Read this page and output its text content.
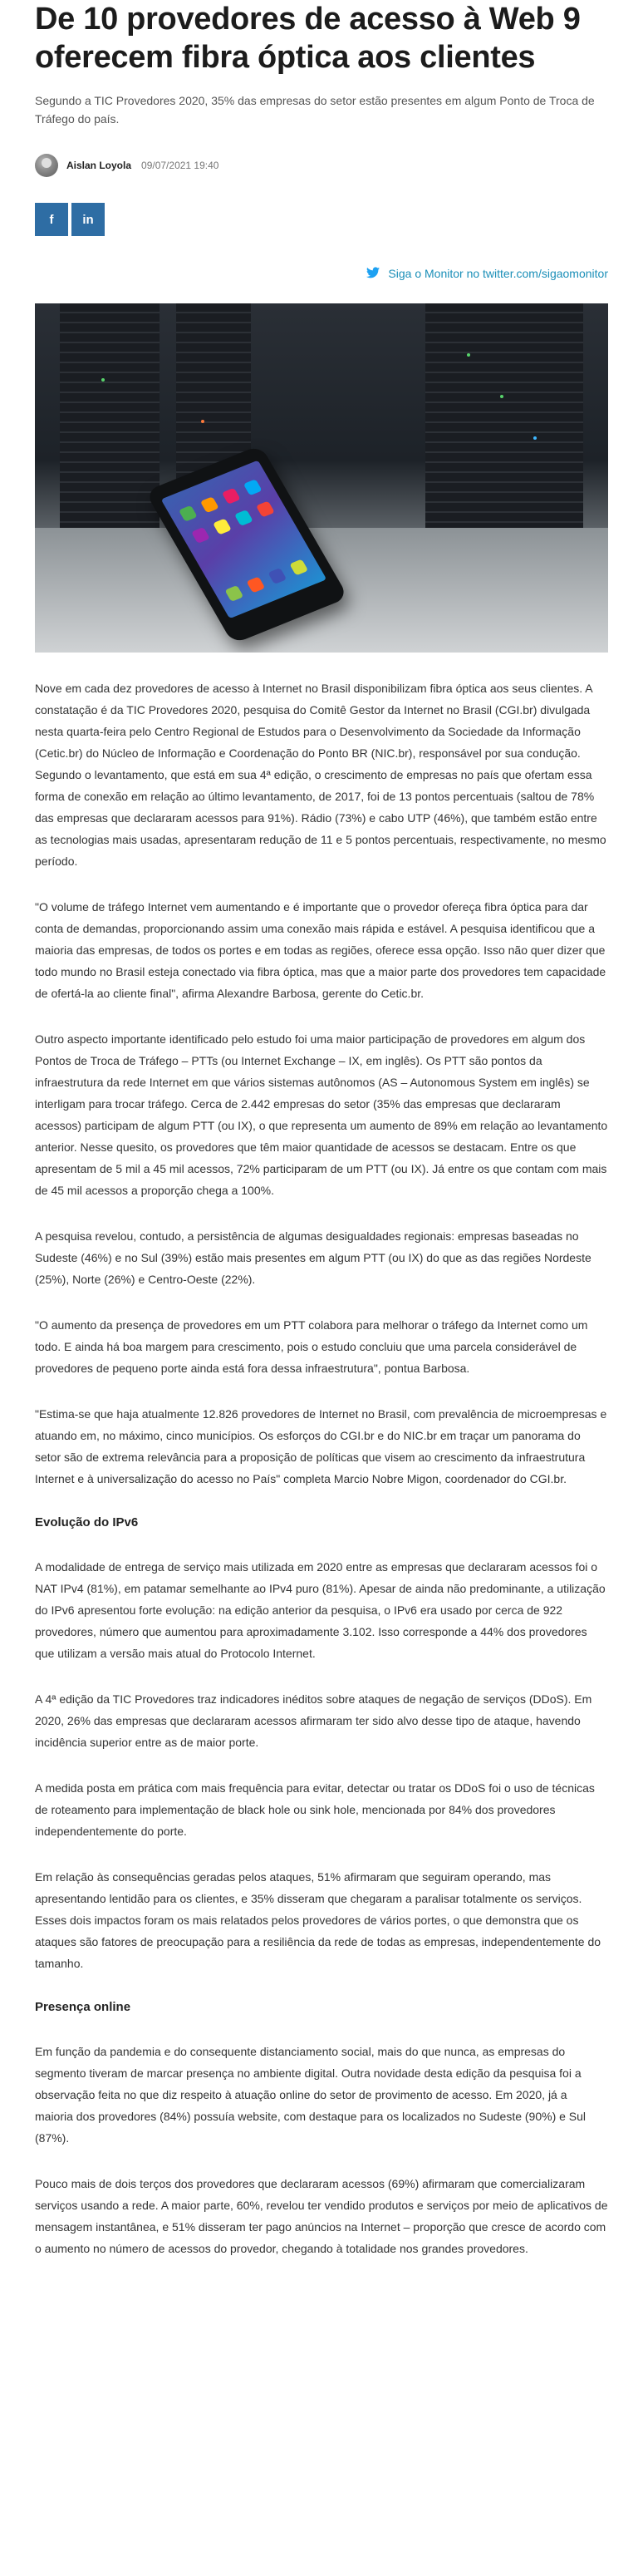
De 10 provedores de acesso à Web 9 oferecem fibra óptica aos clientes

Segundo a TIC Provedores 2020, 35% das empresas do setor estão presentes em algum Ponto de Troca de Tráfego do país.

Aislan Loyola 09/07/2021 19:40
f in
Siga o Monitor no twitter.com/sigaomonitor

Nove em cada dez provedores de acesso à Internet no Brasil disponibilizam fibra óptica aos seus clientes. A constatação é da TIC Provedores 2020, pesquisa do Comitê Gestor da Internet no Brasil (CGI.br) divulgada nesta quarta-feira pelo Centro Regional de Estudos para o Desenvolvimento da Sociedade da Informação (Cetic.br) do Núcleo de Informação e Coordenação do Ponto BR (NIC.br), responsável por sua condução. Segundo o levantamento, que está em sua 4ª edição, o crescimento de empresas no país que ofertam essa forma de conexão em relação ao último levantamento, de 2017, foi de 13 pontos percentuais (saltou de 78% das empresas que declararam acessos para 91%). Rádio (73%) e cabo UTP (46%), que também estão entre as tecnologias mais usadas, apresentaram redução de 11 e 5 pontos percentuais, respectivamente, no mesmo período.

"O volume de tráfego Internet vem aumentando e é importante que o provedor ofereça fibra óptica para dar conta de demandas, proporcionando assim uma conexão mais rápida e estável. A pesquisa identificou que a maioria das empresas, de todos os portes e em todas as regiões, oferece essa opção. Isso não quer dizer que todo mundo no Brasil esteja conectado via fibra óptica, mas que a maior parte dos provedores tem capacidade de ofertá-la ao cliente final", afirma Alexandre Barbosa, gerente do Cetic.br.

Outro aspecto importante identificado pelo estudo foi uma maior participação de provedores em algum dos Pontos de Troca de Tráfego – PTTs (ou Internet Exchange – IX, em inglês). Os PTT são pontos da infraestrutura da rede Internet em que vários sistemas autônomos (AS – Autonomous System em inglês) se interligam para trocar tráfego. Cerca de 2.442 empresas do setor (35% das empresas que declararam acessos) participam de algum PTT (ou IX), o que representa um aumento de 89% em relação ao levantamento anterior. Nesse quesito, os provedores que têm maior quantidade de acessos se destacam. Entre os que apresentam de 5 mil a 45 mil acessos, 72% participaram de um PTT (ou IX). Já entre os que contam com mais de 45 mil acessos a proporção chega a 100%.

A pesquisa revelou, contudo, a persistência de algumas desigualdades regionais: empresas baseadas no Sudeste (46%) e no Sul (39%) estão mais presentes em algum PTT (ou IX) do que as das regiões Nordeste (25%), Norte (26%) e Centro-Oeste (22%).

"O aumento da presença de provedores em um PTT colabora para melhorar o tráfego da Internet como um todo. E ainda há boa margem para crescimento, pois o estudo concluiu que uma parcela considerável de provedores de pequeno porte ainda está fora dessa infraestrutura", pontua Barbosa.

"Estima-se que haja atualmente 12.826 provedores de Internet no Brasil, com prevalência de microempresas e atuando em, no máximo, cinco municípios. Os esforços do CGI.br e do NIC.br em traçar um panorama do setor são de extrema relevância para a proposição de políticas que visem ao crescimento da infraestrutura Internet e à universalização do acesso no País" completa Marcio Nobre Migon, coordenador do CGI.br.

Evolução do IPv6

A modalidade de entrega de serviço mais utilizada em 2020 entre as empresas que declararam acessos foi o NAT IPv4 (81%), em patamar semelhante ao IPv4 puro (81%). Apesar de ainda não predominante, a utilização do IPv6 apresentou forte evolução: na edição anterior da pesquisa, o IPv6 era usado por cerca de 922 provedores, número que aumentou para aproximadamente 3.102. Isso corresponde a 44% dos provedores que utilizam a versão mais atual do Protocolo Internet.

A 4ª edição da TIC Provedores traz indicadores inéditos sobre ataques de negação de serviços (DDoS). Em 2020, 26% das empresas que declararam acessos afirmaram ter sido alvo desse tipo de ataque, havendo incidência superior entre as de maior porte.

A medida posta em prática com mais frequência para evitar, detectar ou tratar os DDoS foi o uso de técnicas de roteamento para implementação de black hole ou sink hole, mencionada por 84% dos provedores independentemente do porte.

Em relação às consequências geradas pelos ataques, 51% afirmaram que seguiram operando, mas apresentando lentidão para os clientes, e 35% disseram que chegaram a paralisar totalmente os serviços. Esses dois impactos foram os mais relatados pelos provedores de vários portes, o que demonstra que os ataques são fatores de preocupação para a resiliência da rede de todas as empresas, independentemente do tamanho.

Presença online

Em função da pandemia e do consequente distanciamento social, mais do que nunca, as empresas do segmento tiveram de marcar presença no ambiente digital. Outra novidade desta edição da pesquisa foi a observação feita no que diz respeito à atuação online do setor de provimento de acesso. Em 2020, já a maioria dos provedores (84%) possuía website, com destaque para os localizados no Sudeste (90%) e Sul (87%).

Pouco mais de dois terços dos provedores que declararam acessos (69%) afirmaram que comercializaram serviços usando a rede. A maior parte, 60%, revelou ter vendido produtos e serviços por meio de aplicativos de mensagem instantânea, e 51% disseram ter pago anúncios na Internet – proporção que cresce de acordo com o aumento no número de acessos do provedor, chegando à totalidade nos grandes provedores.
